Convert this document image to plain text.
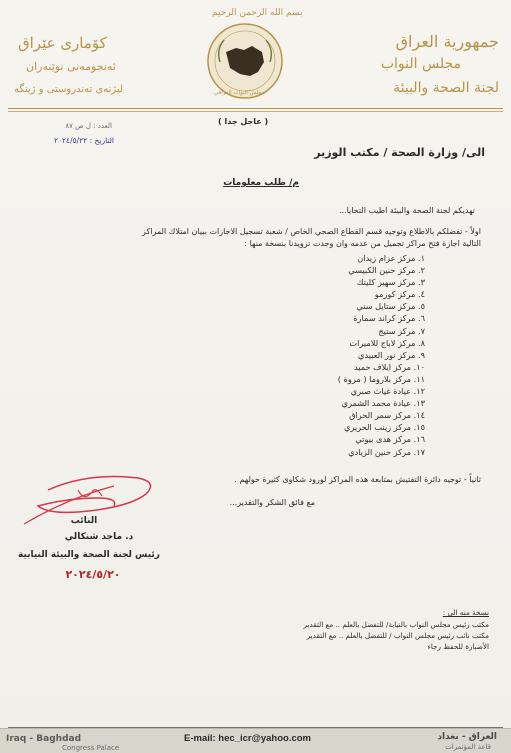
بسم الله الرحمن الرحيم
جمهورية العراق
مجلس النواب
لجنة الصحة والبيئة
كۆماری عێراق
ئەنجومەنی نوێنەران
لیژنەی تەندروستی و ژینگە	مجلس النواب العراقي
( عاجل جدا )
العدد : ل ص ٨٧
التاريخ : ٢٠٢٤/٥/٢٢
الى/ وزارة الصحة / مكتب الوزير
م/ طلب معلومات
تهديكم لجنة الصحة والبيئة اطيب التحايا...
اولاً - تفضلكم بالاطلاع وتوجيه قسم القطاع الصحي الخاص / شعبة تسجيل الاجازات ببيان امتلاك المراكز
التالية اجازة فتح مراكز تجميل من عدمه وان وجدت تزويدنا بنسخة منها :
١. مركز عزام زيدان
٢. مركز حنين الكبيسي
٣. مركز سهير كليتك
٤. مركز كوزمو
٥. مركز ستايل ستي
٦. مركز كراند سمارة
٧. مركز ستيج
٨. مركز لاباج للاميرات
٩. مركز نور العبيدي
١٠. مركز ايلاف حميد
١١. مركز بلاروما ( مروة )
١٢. عيادة غياث صبري
١٣. عيادة محمد الشمري
١٤. مركز سمر الحراق
١٥. مركز زينب الحريري
١٦. مركز هدى بيوتي
١٧. مركز حنين الزيادي
ثانياً - توجيه دائرة التفتيش بمتابعة هذه المراكز لورود شكاوى كثيرة حولهم .
مع فائق الشكر والتقدير...
النائب
د. ماجد شنكالي
رئيس لجنة الصحة والبيئة النيابية
٢٠٢٤/٥/٢٠
نسخة منه الى :
مكتب رئيس مجلس النواب بالنيابة/ للتفضل بالعلم .. مع التقدير
مكتب نائب رئيس مجلس النواب / للتفضل بالعلم .. مع التقدير
الأضبارة للحفظ رجاء
E-mail: hec_icr@yahoo.com
Iraq - Baghdad
Congress Palace
العراق - بغداد
قاعة المؤتمرات
